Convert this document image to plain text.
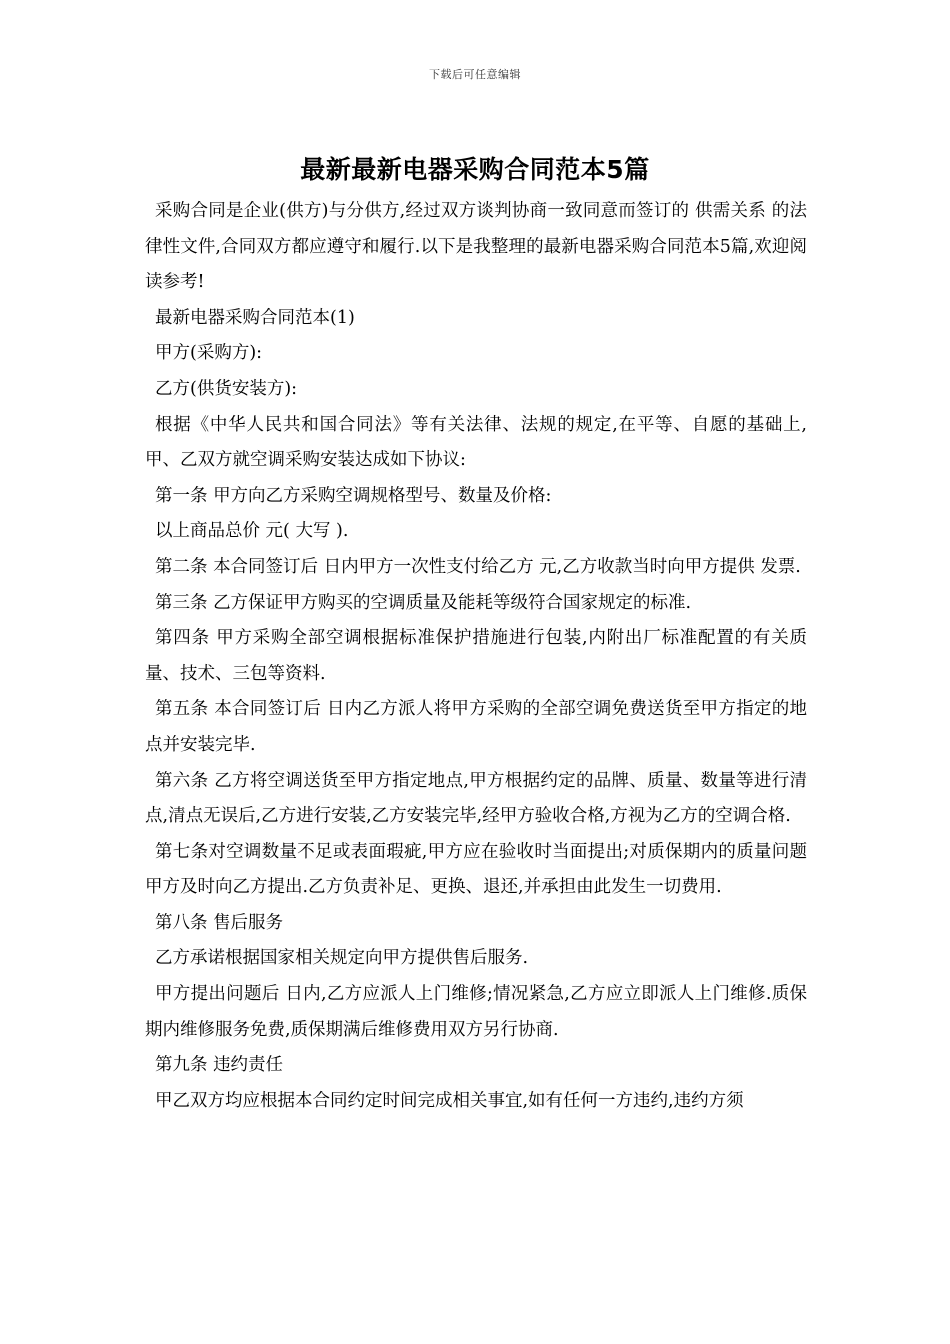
下载后可任意编辑
最新最新电器采购合同范本5篇

采购合同是企业(供方)与分供方,经过双方谈判协商一致同意而签订的 供需关系 的法律性文件,合同双方都应遵守和履行.以下是我整理的最新电器采购合同范本5篇,欢迎阅读参考!

最新电器采购合同范本(1)

甲方(采购方):

乙方(供货安装方):

根据《中华人民共和国合同法》等有关法律、法规的规定,在平等、自愿的基础上,甲、乙双方就空调采购安装达成如下协议:

第一条 甲方向乙方采购空调规格型号、数量及价格:

以上商品总价 元( 大写 ).

第二条 本合同签订后 日内甲方一次性支付给乙方 元,乙方收款当时向甲方提供 发票.

第三条 乙方保证甲方购买的空调质量及能耗等级符合国家规定的标准.

第四条 甲方采购全部空调根据标准保护措施进行包装,内附出厂标准配置的有关质量、技术、三包等资料.

第五条 本合同签订后 日内乙方派人将甲方采购的全部空调免费送货至甲方指定的地点并安装完毕.

第六条 乙方将空调送货至甲方指定地点,甲方根据约定的品牌、质量、数量等进行清点,清点无误后,乙方进行安装,乙方安装完毕,经甲方验收合格,方视为乙方的空调合格.

第七条对空调数量不足或表面瑕疵,甲方应在验收时当面提出;对质保期内的质量问题甲方及时向乙方提出.乙方负责补足、更换、退还,并承担由此发生一切费用.

第八条 售后服务

乙方承诺根据国家相关规定向甲方提供售后服务.

甲方提出问题后 日内,乙方应派人上门维修;情况紧急,乙方应立即派人上门维修.质保期内维修服务免费,质保期满后维修费用双方另行协商.

第九条 违约责任

甲乙双方均应根据本合同约定时间完成相关事宜,如有任何一方违约,违约方须
